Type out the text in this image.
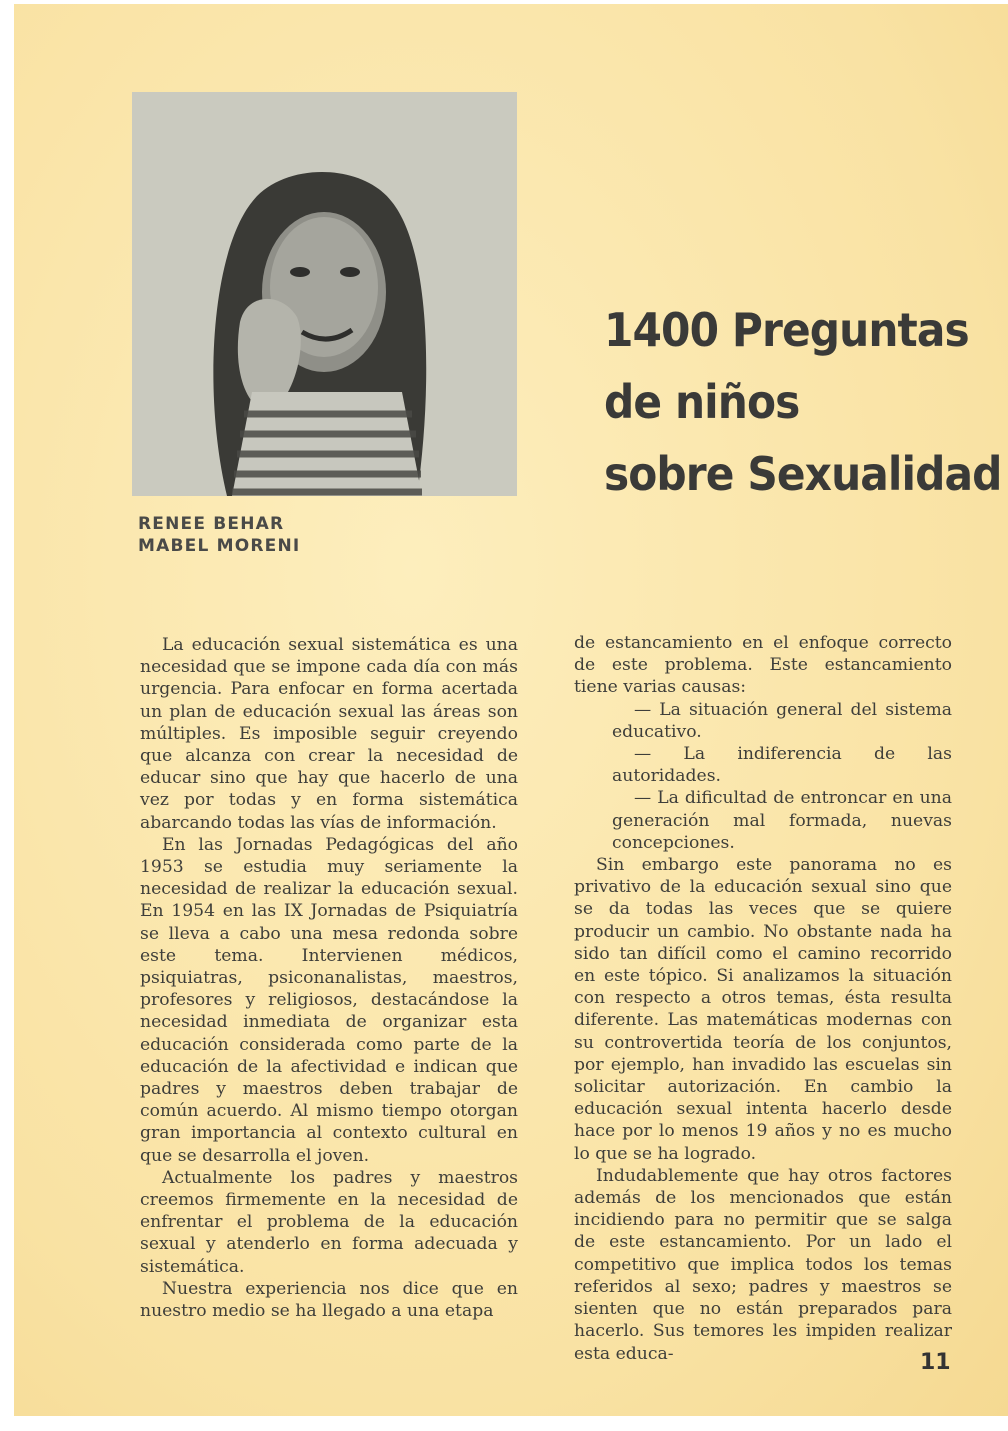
RENEE BEHAR
MABEL MORENI
1400 Preguntas
de niños
sobre Sexualidad

La educación sexual sistemática es una necesidad que se impone cada día con más urgencia. Para enfocar en forma acertada un plan de educación sexual las áreas son múltiples. Es imposible seguir creyendo que alcanza con crear la necesidad de educar sino que hay que hacerlo de una vez por todas y en forma sistemática abarcando todas las vías de información.

En las Jornadas Pedagógicas del año 1953 se estudia muy seriamente la necesidad de realizar la educación sexual. En 1954 en las IX Jornadas de Psiquiatría se lleva a cabo una mesa redonda sobre este tema. Intervienen médicos, psiquiatras, psiconanalistas, maestros, profesores y religiosos, destacándose la necesidad inmediata de organizar esta educación considerada como parte de la educación de la afectividad e indican que padres y maestros deben trabajar de común acuerdo. Al mismo tiempo otorgan gran importancia al contexto cultural en que se desarrolla el joven.

Actualmente los padres y maestros creemos firmemente en la necesidad de enfrentar el problema de la educación sexual y atenderlo en forma adecuada y sistemática.

Nuestra experiencia nos dice que en nuestro medio se ha llegado a una etapa

de estancamiento en el enfoque correcto de este problema. Este estancamiento tiene varias causas:

— La situación general del sistema educativo.

— La indiferencia de las autoridades.

— La dificultad de entroncar en una generación mal formada, nuevas concepciones.

Sin embargo este panorama no es privativo de la educación sexual sino que se da todas las veces que se quiere producir un cambio. No obstante nada ha sido tan difícil como el camino recorrido en este tópico. Si analizamos la situación con respecto a otros temas, ésta resulta diferente. Las matemáticas modernas con su controvertida teoría de los conjuntos, por ejemplo, han invadido las escuelas sin solicitar autorización. En cambio la educación sexual intenta hacerlo desde hace por lo menos 19 años y no es mucho lo que se ha logrado.

Indudablemente que hay otros factores además de los mencionados que están incidiendo para no permitir que se salga de este estancamiento. Por un lado el competitivo que implica todos los temas referidos al sexo; padres y maestros se sienten que no están preparados para hacerlo. Sus temores les impiden realizar esta educa-	11
